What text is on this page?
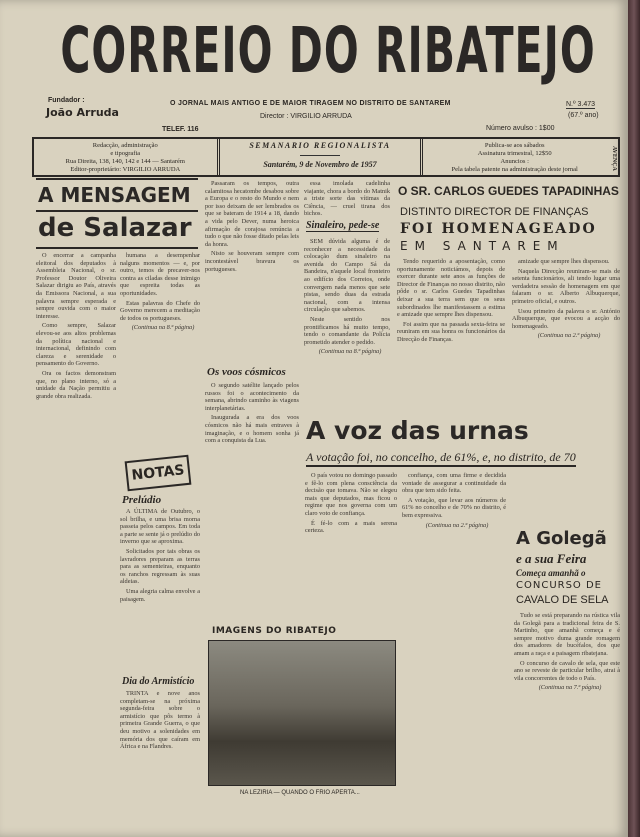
CORREIO DO RIBATEJO
Fundador :
João Arruda
O JORNAL MAIS ANTIGO E DE MAIOR TIRAGEM NO DISTRITO DE SANTAREM
Director : VIRGILIO ARRUDA
TELEF. 116
N.º 3.473
(67.º ano)
Número avulso : 1$00
Redacção, administração
e tipografia
Rua Direita, 138, 140, 142 e 144 — Santarém
Editor-proprietário: VIRGILIO ARRUDA
SEMANARIO REGIONALISTA
Santarém, 9 de Novembro de 1957
Publica-se aos sábados
Assinatura trimestral, 12$50
Anuncios :
Pela tabela patente na administração deste jornal	AVENÇA
A MENSAGEM
de Salazar

O encerrar a campanha eleitoral dos deputados à Assembleia Nacional, o sr. Professor Doutor Oliveira Salazar dirigiu ao País, através da Emissora Nacional, a sua palavra sempre esperada e sempre ouvida com o maior interesse.

Como sempre, Salazar elevou-se aos altos problemas da política nacional e internacional, definindo com clareza e serenidade o pensamento do Governo.

Ora os factos demonstram que, no plano interno, só a unidade da Nação permitiu a grande obra realizada.

humana a desempenhar nalguns momentos — e, por outro, temos de precaver-nos contra as ciladas desse inimigo que espreita todas as oportunidades.

Estas palavras do Chefe do Governo merecem a meditação de todos os portugueses.

(Continua na 8.ª página)

NOTAS
Prelúdio

A ÚLTIMA de Outubro, o sol brilha, e uma brisa morna passeia pelos campos. Em toda a parte se sente já o prelúdio do inverno que se aproxima.

Solicitados por tais obras os lavradores preparam as terras para as sementeiras, enquanto os ranchos regressam às suas aldeias.

Uma alegria calma envolve a paisagem.

Dia do Armistício

TRINTA e nove anos completam-se na próxima segunda-feira sobre o armistício que pôs termo à primeira Grande Guerra, o que deu motivo a solenidades em memória dos que caíram em África e na Flandres.

Passaram os tempos, outra calamitosa hecatombe desabou sobre a Europa e o resto do Mundo e nem por isso deixam de ser lembrados os que se bateram de 1914 a 18, dando a vida pelo Dever, numa heroica afirmação de corajosa renúncia a tudo o que não fosse ditado pelas leis da honra.

Nisto se houveram sempre com incontestável bravura os portugueses.

Os voos cósmicos

O segundo satélite lançado pelos russos foi o acontecimento da semana, abrindo caminho às viagens interplanetárias.

Inaugurada a era dos voos cósmicos não há mais entraves à imaginação, e o homem sonha já com a conquista da Lua.

essa imolada cadelinha viajante, chora a bordo do Matnik a triste sorte das vítimas da Ciência, — cruel tirana dos bichos.

Sinaleiro, pede-se

SEM dúvida alguma é de reconhecer a necessidade da colocação dum sinaleiro na avenida do Campo Sá da Bandeira, n'aquele local fronteiro ao edifício dos Correios, onde convergem nada menos que sete pistas, sendo duas da estrada nacional, com a intensa circulação que sabemos.

Neste sentido nos prontificamos há muito tempo, tendo o comandante da Polícia prometido atender o pedido.

(Continua na 8.ª página)

A voz das urnas
A votação foi, no concelho, de 61%, e, no distrito, de 70

O país votou no domingo passado e fê-lo com plena consciência da decisão que tomava. Não se elegeu mais que deputados, mas ficou o regime que nos governa com um claro voto de confiança.

É fé-lo com a mais serena certeza.

confiança, com uma firme e decidida vontade de assegurar a continuidade da obra que tem sido feita.

A votação, que levar aos números de 61% no concelho e de 70% no distrito, é bem expressiva.

(Continua na 2.ª página)

IMAGENS DO RIBATEJO
NA LEZIRIA — QUANDO O FRIO APERTA...
O SR. CARLOS GUEDES TAPADINHAS
DISTINTO DIRECTOR DE FINANÇAS
FOI HOMENAGEADO
EM SANTAREM

Tendo requerido a aposentação, como oportunamente noticiámos, depois de exercer durante sete anos as funções de Director de Finanças no nosso distrito, não pôde o sr. Carlos Guedes Tapadinhas deixar a sua terra sem que os seus subordinados lhe manifestassem a estima e amizade que sempre lhes dispensou.

Foi assim que na passada sexta-feira se reuniram em sua honra os funcionários da Direcção de Finanças.

amizade que sempre lhes dispensou.

Naquela Direcção reuniram-se mais de setenta funcionários, ali tendo lugar uma verdadeira sessão de homenagem em que falaram o sr. Alberto Albuquerque, primeiro oficial, e outros.

Usou primeiro da palavra o sr. António Albuquerque, que evocou a acção do homenageado.

(Continua na 2.ª página)

A Golegã
e a sua Feira
Começa amanhã o
CONCURSO DE
CAVALO DE SELA

Tudo se está preparando na rústica vila da Golegã para a tradicional feira de S. Martinho, que amanhã começa e é sempre motivo duma grande romagem dos amadores de bucéfalos, dos que amam a raça e a paisagem ribatejana.

O concurso de cavalo de sela, que este ano se reveste de particular brilho, atrai à vila concorrentes de todo o País.

(Continua na 7.ª página)
